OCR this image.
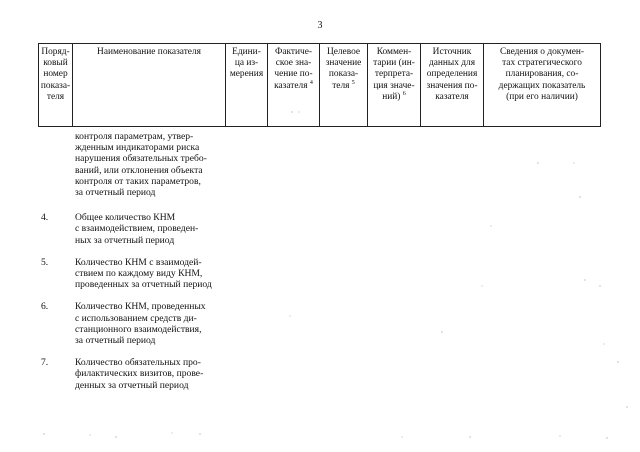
3
Поряд-
ковый
номер
показа-
теля	Наименование показателя	Едини-
ца из-
мерения	Фактиче-
ское зна-
чение по-
казателя $^4$	Целевое
значение
показа-
теля $^5$	Коммен-
тарии (ин-
терпрета-
ция значе-
ний) $^6$	Источник
данных для
определения
значения по-
казателя	Сведения о докумен-
тах стратегического
планирования, со-
держащих показатель
(при его наличии)
контроля параметрам, утвер-
жденным индикаторами риска
нарушения обязательных требо-
ваний, или отклонения объекта
контроля от таких параметров,
за отчетный период
4.	Общее количество КНМ
с взаимодействием, проведен-
ных за отчетный период
5.	Количество КНМ с взаимодей-
ствием по каждому виду КНМ,
проведенных за отчетный период
6.	Количество КНМ, проведенных
с использованием средств ди-
станционного взаимодействия,
за отчетный период
7.	Количество обязательных про-
филактических визитов, прове-
денных за отчетный период
